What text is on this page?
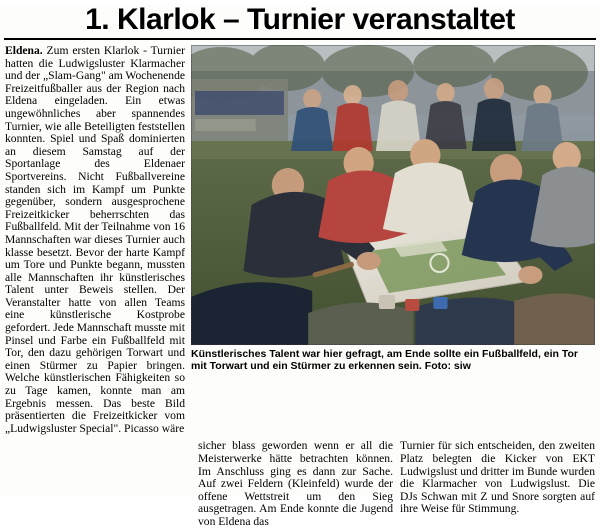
1. Klarlok – Turnier veranstaltet

Eldena. Zum ersten Klarlok - Turnier hatten die Ludwigsluster Klarmacher und der „Slam-Gang" am Wochenende Freizeitfußballer aus der Region nach Eldena eingeladen. Ein etwas ungewöhnliches aber spannendes Turnier, wie alle Beteiligten feststellen konnten. Spiel und Spaß dominierten an diesem Samstag auf der Sportanlage des Eldenaer Sportvereins. Nicht Fußballvereine standen sich im Kampf um Punkte gegenüber, sondern ausgesprochene Freizeitkicker beherrschten das Fußballfeld. Mit der Teilnahme von 16 Mannschaften war dieses Turnier auch klasse besetzt. Bevor der harte Kampf um Tore und Punkte begann, mussten alle Mannschaften ihr künstlerisches Talent unter Beweis stellen. Der Veranstalter hatte von allen Teams eine künstlerische Kostprobe gefordert. Jede Mannschaft musste mit Pinsel und Farbe ein Fußballfeld mit Tor, den dazu gehörigen Torwart und einen Stürmer zu Papier bringen. Welche künstlerischen Fähigkeiten so zu Tage kamen, konnte man am Ergebnis messen. Das beste Bild präsentierten die Freizeitkicker vom „Ludwigsluster Special". Picasso wäre

Künstlerisches Talent war hier gefragt, am Ende sollte ein Fußballfeld, ein Tor mit Torwart und ein Stürmer zu erkennen sein. Foto: siw
sicher blass geworden wenn er all die Meisterwerke hätte betrachten können. Im Anschluss ging es dann zur Sache. Auf zwei Feldern (Kleinfeld) wurde der offene Wettstreit um den Sieg ausgetragen. Am Ende konnte die Jugend von Eldena das
Turnier für sich entscheiden, den zweiten Platz belegten die Kicker von EKT Ludwigslust und dritter im Bunde wurden die Klarmacher von Ludwigslust. Die DJs Schwan mit Z und Snore sorgten auf ihre Weise für Stimmung.
